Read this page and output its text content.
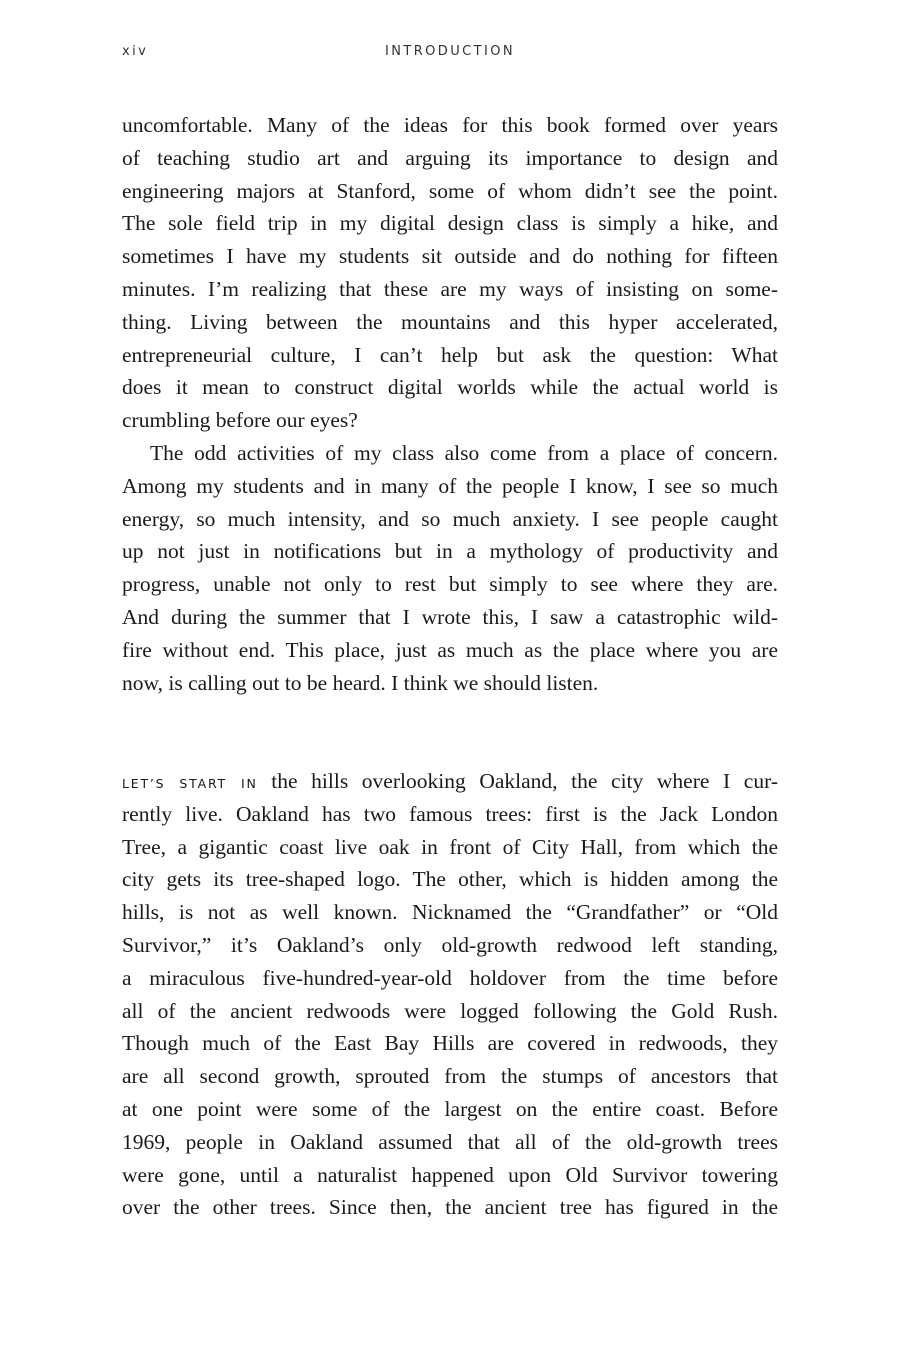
xiv	INTRODUCTION
uncomfortable. Many of the ideas for this book formed over years
of teaching studio art and arguing its importance to design and
engineering majors at Stanford, some of whom didn’t see the point.
The sole field trip in my digital design class is simply a hike, and
sometimes I have my students sit outside and do nothing for fifteen
minutes. I’m realizing that these are my ways of insisting on some-
thing. Living between the mountains and this hyper accelerated,
entrepreneurial culture, I can’t help but ask the question: What
does it mean to construct digital worlds while the actual world is
crumbling before our eyes?
The odd activities of my class also come from a place of concern.
Among my students and in many of the people I know, I see so much
energy, so much intensity, and so much anxiety. I see people caught
up not just in notifications but in a mythology of productivity and
progress, unable not only to rest but simply to see where they are.
And during the summer that I wrote this, I saw a catastrophic wild-
fire without end. This place, just as much as the place where you are
now, is calling out to be heard. I think we should listen.
LET’S START IN the hills overlooking Oakland, the city where I cur-
rently live. Oakland has two famous trees: first is the Jack London
Tree, a gigantic coast live oak in front of City Hall, from which the
city gets its tree-shaped logo. The other, which is hidden among the
hills, is not as well known. Nicknamed the “Grandfather” or “Old
Survivor,” it’s Oakland’s only old-growth redwood left standing,
a miraculous five-hundred-year-old holdover from the time before
all of the ancient redwoods were logged following the Gold Rush.
Though much of the East Bay Hills are covered in redwoods, they
are all second growth, sprouted from the stumps of ancestors that
at one point were some of the largest on the entire coast. Before
1969, people in Oakland assumed that all of the old-growth trees
were gone, until a naturalist happened upon Old Survivor towering
over the other trees. Since then, the ancient tree has figured in the
